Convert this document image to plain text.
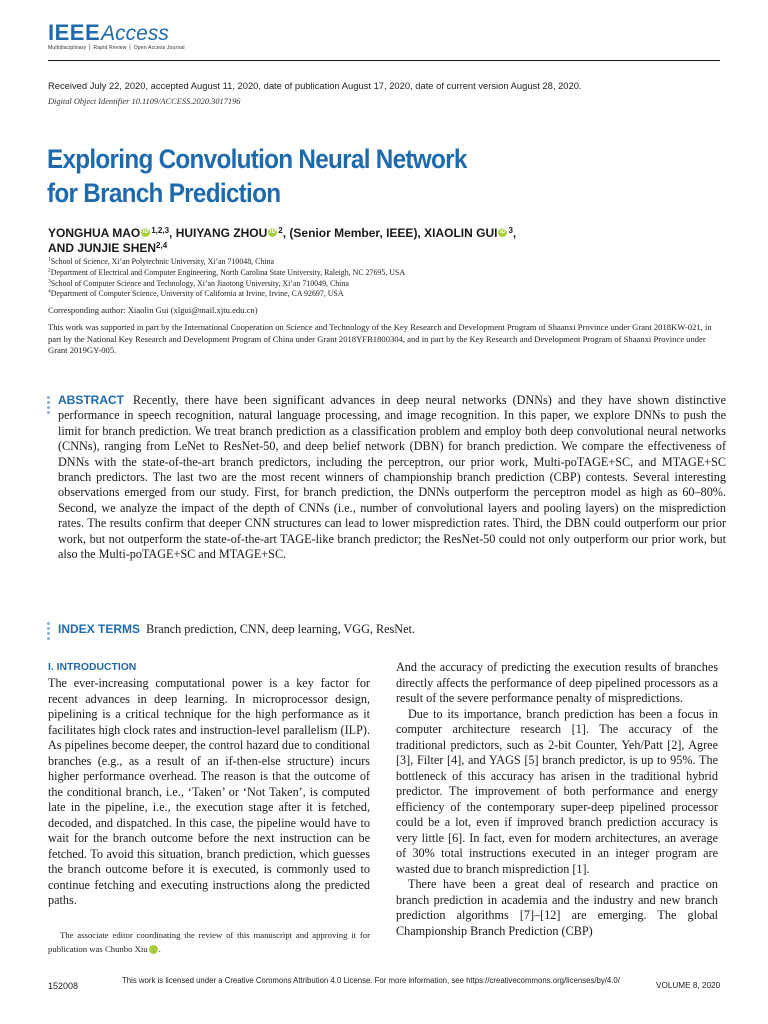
IEEEAccess
Multidisciplinary ⎪ Rapid Review ⎪ Open Access Journal
Received July 22, 2020, accepted August 11, 2020, date of publication August 17, 2020, date of current version August 28, 2020.
Digital Object Identifier 10.1109/ACCESS.2020.3017196
Exploring Convolution Neural Network
for Branch Prediction
YONGHUA MAO iD $^{1,2,3}$, HUIYANG ZHOU iD $^2$, (Senior Member, IEEE), XIAOLIN GUI iD $^3$,
AND JUNJIE SHEN$^{2,4}$
$^1$School of Science, Xi’an Polytechnic University, Xi’an 710048, China
$^2$Department of Electrical and Computer Engineering, North Carolina State University, Raleigh, NC 27695, USA
$^3$School of Computer Science and Technology, Xi’an Jiaotong University, Xi’an 710049, China
$^4$Department of Computer Science, University of California at Irvine, Irvine, CA 92697, USA
Corresponding author: Xiaolin Gui (xlgui@mail.xjtu.edu.cn)
This work was supported in part by the International Cooperation on Science and Technology of the Key Research and Development Program of Shaanxi Province under Grant 2018KW-021, in part by the National Key Research and Development Program of China under Grant 2018YFB1800304, and in part by the Key Research and Development Program of Shaanxi Province under Grant 2019GY-005.
ABSTRACT Recently, there have been significant advances in deep neural networks (DNNs) and they have shown distinctive performance in speech recognition, natural language processing, and image recognition. In this paper, we explore DNNs to push the limit for branch prediction. We treat branch prediction as a classification problem and employ both deep convolutional neural networks (CNNs), ranging from LeNet to ResNet-50, and deep belief network (DBN) for branch prediction. We compare the effectiveness of DNNs with the state-of-the-art branch predictors, including the perceptron, our prior work, Multi-poTAGE+SC, and MTAGE+SC branch predictors. The last two are the most recent winners of championship branch prediction (CBP) contests. Several interesting observations emerged from our study. First, for branch prediction, the DNNs outperform the perceptron model as high as 60–80%. Second, we analyze the impact of the depth of CNNs (i.e., number of convolutional layers and pooling layers) on the misprediction rates. The results confirm that deeper CNN structures can lead to lower misprediction rates. Third, the DBN could outperform our prior work, but not outperform the state-of-the-art TAGE-like branch predictor; the ResNet-50 could not only outperform our prior work, but also the Multi-poTAGE+SC and MTAGE+SC.
INDEX TERMS Branch prediction, CNN, deep learning, VGG, ResNet.
I. INTRODUCTION

The ever-increasing computational power is a key factor for recent advances in deep learning. In microprocessor design, pipelining is a critical technique for the high performance as it facilitates high clock rates and instruction-level parallelism (ILP). As pipelines become deeper, the control hazard due to conditional branches (e.g., as a result of an if-then-else structure) incurs higher performance overhead. The reason is that the outcome of the conditional branch, i.e., ‘Taken’ or ‘Not Taken’, is computed late in the pipeline, i.e., the execution stage after it is fetched, decoded, and dispatched. In this case, the pipeline would have to wait for the branch outcome before the next instruction can be fetched. To avoid this situation, branch prediction, which guesses the branch outcome before it is executed, is commonly used to continue fetching and executing instructions along the predicted paths.

The associate editor coordinating the review of this manuscript and approving it for publication was Chunbo Xiu iD.

And the accuracy of predicting the execution results of branches directly affects the performance of deep pipelined processors as a result of the severe performance penalty of mispredictions.

Due to its importance, branch prediction has been a focus in computer architecture research [1]. The accuracy of the traditional predictors, such as 2-bit Counter, Yeh/Patt [2], Agree [3], Filter [4], and YAGS [5] branch predictor, is up to 95%. The bottleneck of this accuracy has arisen in the traditional hybrid predictor. The improvement of both performance and energy efficiency of the contemporary super-deep pipelined processor could be a lot, even if improved branch prediction accuracy is very little [6]. In fact, even for modern architectures, an average of 30% total instructions executed in an integer program are wasted due to branch misprediction [1].

There have been a great deal of research and practice on branch prediction in academia and the industry and new branch prediction algorithms [7]–[12] are emerging. The global Championship Branch Prediction (CBP)

152008
This work is licensed under a Creative Commons Attribution 4.0 License. For more information, see https://creativecommons.org/licenses/by/4.0/
VOLUME 8, 2020
